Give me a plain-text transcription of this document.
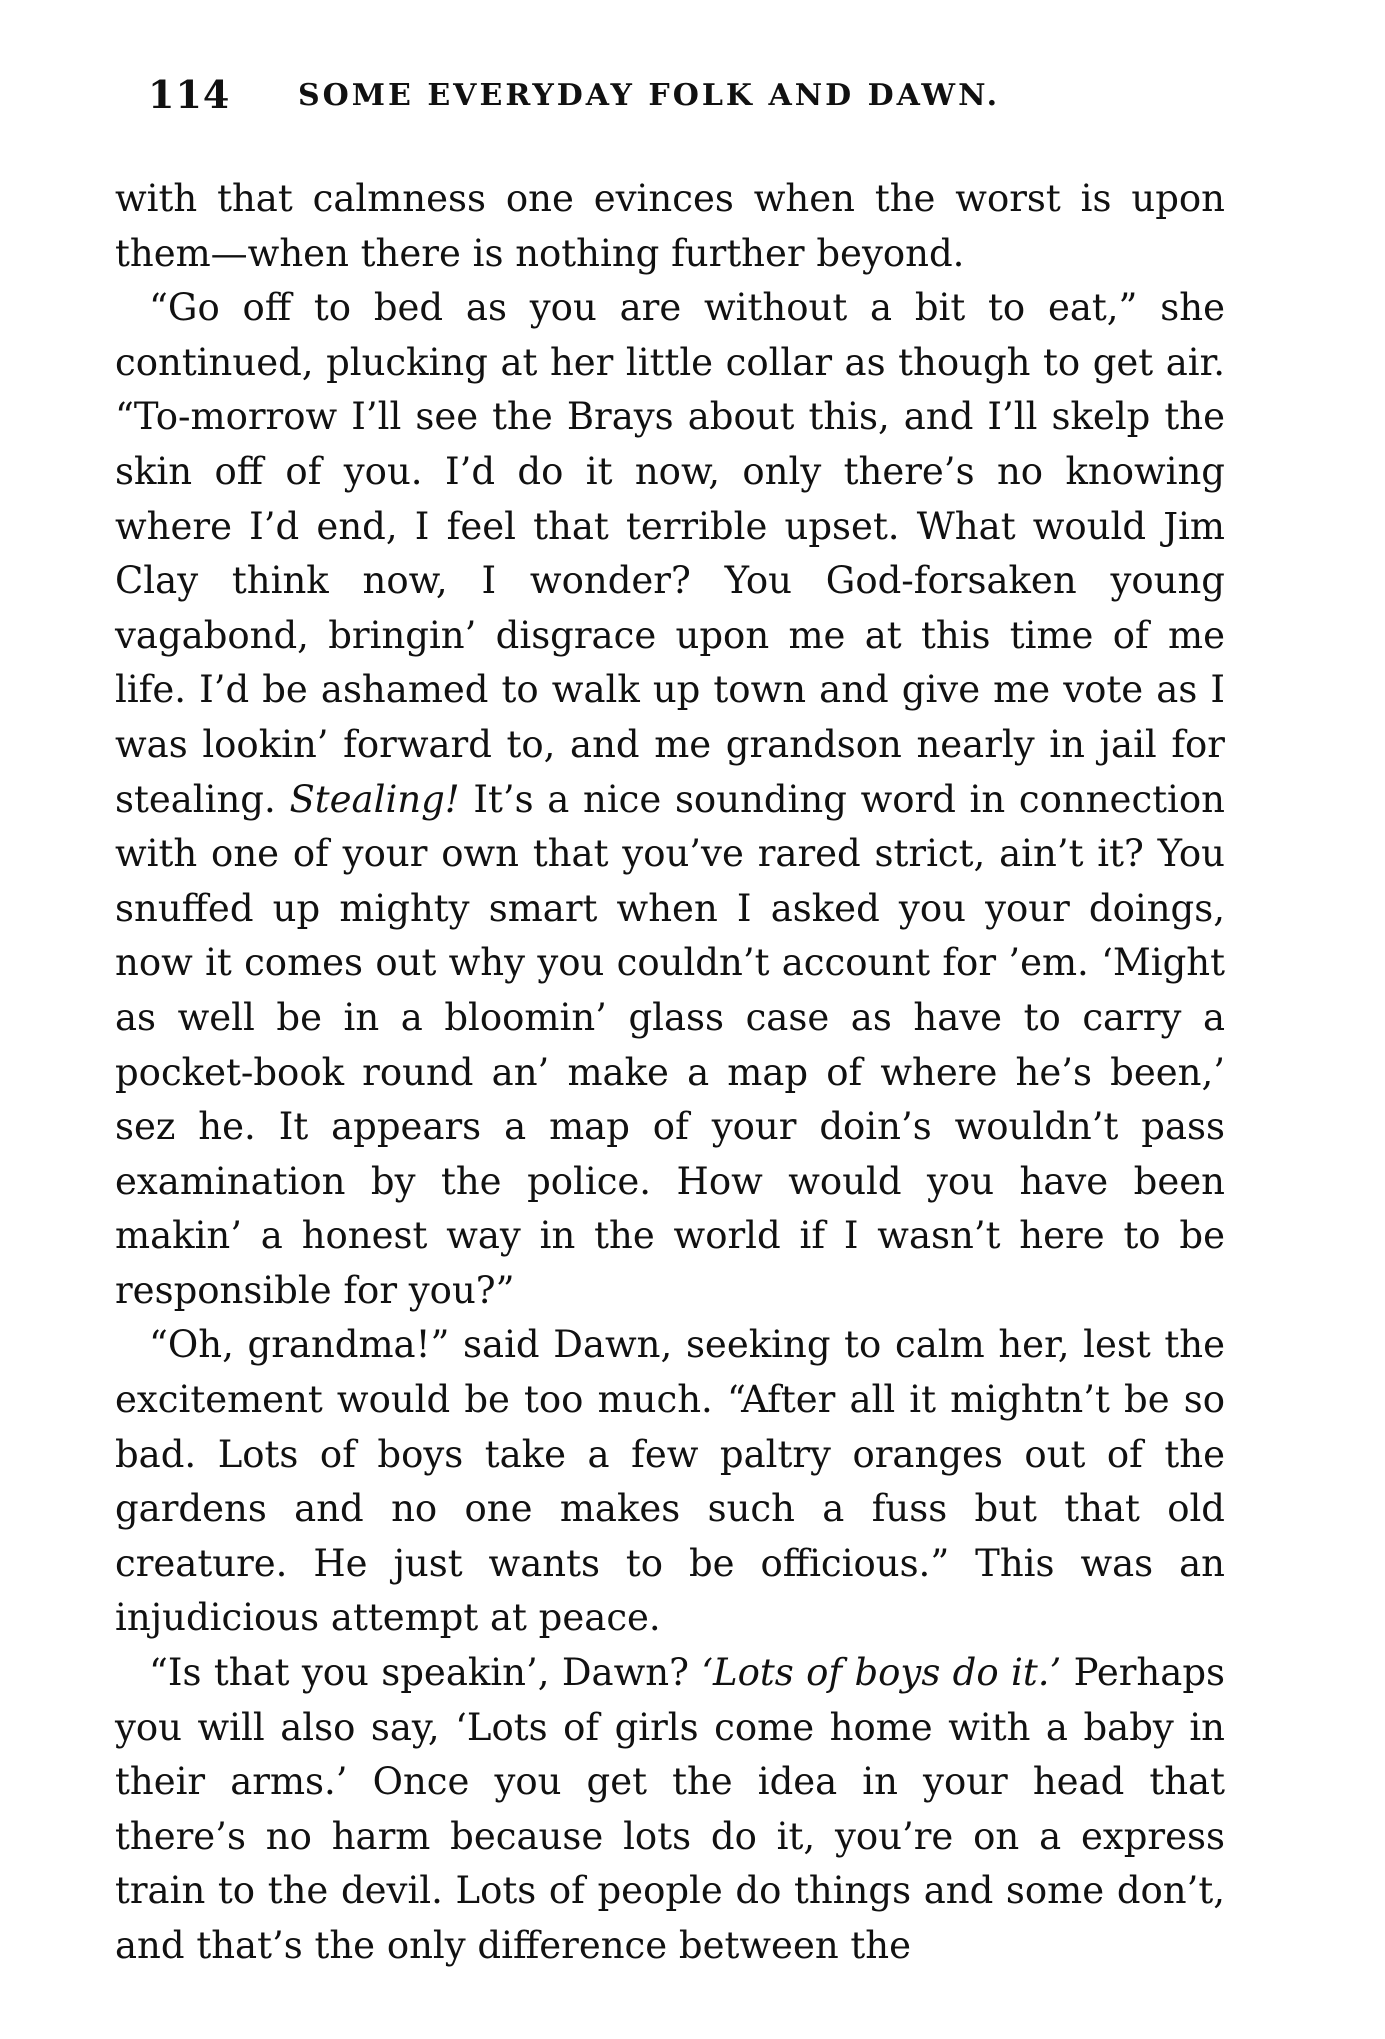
114 SOME EVERYDAY FOLK AND DAWN.

with that calmness one evinces when the worst is upon them—when there is nothing further beyond.

“Go off to bed as you are without a bit to eat,” she continued, plucking at her little collar as though to get air. “To-morrow I’ll see the Brays about this, and I’ll skelp the skin off of you. I’d do it now, only there’s no knowing where I’d end, I feel that terrible upset. What would Jim Clay think now, I wonder? You God-forsaken young vagabond, bringin’ disgrace upon me at this time of me life. I’d be ashamed to walk up town and give me vote as I was lookin’ forward to, and me grandson nearly in jail for stealing. Stealing! It’s a nice sounding word in connection with one of your own that you’ve rared strict, ain’t it? You snuffed up mighty smart when I asked you your doings, now it comes out why you couldn’t account for ’em. ‘Might as well be in a bloomin’ glass case as have to carry a pocket-book round an’ make a map of where he’s been,’ sez he. It appears a map of your doin’s wouldn’t pass examination by the police. How would you have been makin’ a honest way in the world if I wasn’t here to be responsible for you?”

“Oh, grandma!” said Dawn, seeking to calm her, lest the excitement would be too much. “After all it mightn’t be so bad. Lots of boys take a few paltry oranges out of the gardens and no one makes such a fuss but that old creature. He just wants to be officious.” This was an injudicious attempt at peace.

“Is that you speakin’, Dawn? ‘Lots of boys do it.’ Perhaps you will also say, ‘Lots of girls come home with a baby in their arms.’ Once you get the idea in your head that there’s no harm because lots do it, you’re on a express train to the devil. Lots of people do things and some don’t, and that’s the only difference between the
